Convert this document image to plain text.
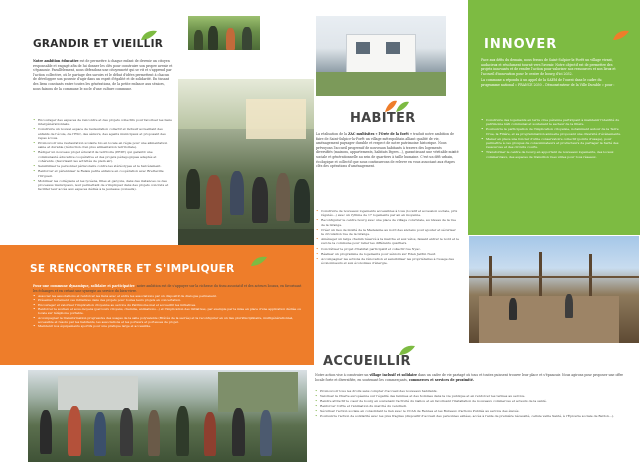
GRANDIR ET VIEILLIR
Notre ambition éducative est de permettre à chaque enfant de devenir un citoyen responsable et engagé afin de lui donner les clés pour construire son propre avenir et s'épanouir. Parallèlement, nous défendons une citoyenneté qui se vit et s'apprend par l'action collective, où le partage des savoirs et le débat d'idées permettent à chacun de développer son pouvoir d'agir dans un esprit d'égalité et de solidarité. En tissant des liens constants entre toutes les générations, de la petite enfance aux séniors, nous faisons de la commune le socle d'une culture commune.
• Encourager des espaces de rencontre et des projets collectifs pour favoriser les liens intergénérationnels.
• Construire un nouvel espace de restauration collectif et inclusif accueillant des enfants de l'école, de l'ESC, des séniors, des agents municipaux et proposant des repas à tous.
• Promouvoir une restauration scolaire bio en locale en régie pour une alimentation saine et durable (réduction d'en plus alimentation territoriale).
• Rédiger un nouveau projet éducatif de territoire (PEDT) qui garantit une communauté éducative coopérative et des projets pédagogiques adaptés et cohérents. (favorisant les activités de plein air).
• Sensibiliser le personnel périscolaire contre les stéréotypes et le harcèlement.
• Renforcer et pérenniser le Relais petite enfance en coopération avec Bretteville l'Orgueil.
• Mobiliser les collégiens et les lycéens, filles et garçons, dans des instances ou des processus municipaux, leur permettant de s'impliquer dans des projets concrets et faciliter leur accès aux espaces dédiés à la jeunesse (conseils).
SE RENCONTRER ET S'IMPLIQUER
Pour une commune dynamique, solidaire et participative, notre ambition est de s'appuyer sur la richesse du tissu associatif et des acteurs locaux, en favorisant les échanges et en créant une synergie au service du bien-vivre.
• Associer les associations et renforcer les liens avec et entre les associations par un dispositif de dialogue permanent.
• Présenter fortement ces initiatives dans des projets pour toutes leurs projets en concertation.
• Encourager et valoriser l'implication citoyenne au service du Patrimoine mal et accueillir les initiatives.
• Renforcer le soutien et sous-moyens (parcours citoyens, chemins, animations...) et l'implication des initiatives, par exemple par la mise en place d'une application dédiée ou locale sur téléphone portable.
• Accompagner la transformation progressive des usages de la salle polyvalente (Brévès de la sacrée) et la reconfigurer en un lieu pluridisciplinaire, multigénérationnel, accessible et résolu par les habitants, les associations et les porteurs et porteuses de projet.
• Maintenir nos équipements sportifs pour une pratique large et accessible.
HABITER
La réalisation de la ZAC multisites « l'Orée de la forêt » traduit notre ambition de faire de Saint-Sulpice-la-Forêt un village métropolitain alliant qualité de vie, aménagement paysager durable et respect de notre patrimoine historique. Nous prévoyons l'accueil progressif de nouveaux habitants à travers des logements diversifiés (maisons, appartements, habitats légers...), garantissant une véritable mixité sociale et générationnelle au sein de quartiers à taille humaine. C'est un défi urbain, écologique et collectif que nous continuerons de relever en vous associant aux étapes clés des opérations d'aménagement.
• Construire de nouveaux logements accessibles à tous (locatif et accession sociale, prix régulés...) avec un rythme de 17 logements par an en moyenne.
• Reconfigurer le centre bourg avec une place de village conviviale, au niveau de la rue de la Grange.
• Créer un lieu de mixité de la Madeleine au nord des anciens pour ajouter et sécuriser la circulation rue de la Grange.
• Aménager un large chemin réservé à la marche et aux vélos, faisant entrer le nord et le sud de la commune pour relier les différents quartiers.
• Concrétiser le projet d'habitat participatif et collectif rue Nyac.
• Réaliser un programme de logements pour séniors sur Eden Jardin Neuf.
• Accompagner les actions de rénovation et sensibiliser les propriétaires à l'usage des économiseurs et aux économies d'énergie.
INNOVER
Face aux défis du demain, nous ferons de Saint-Sulpice-la-Forêt un village vivant, audacieux et résolument tourné vers l'avenir. Notre objectif est de permettre des projets innovants et de rendre l'action pour valoriser nos ressources et nos lieux et l'accueil d'innovation pour le centre de bourg d'ici 2032.
La commune a répondu à un appel de la SAEM de l'ouest dans le cadre du programme national « FRANCE 2030 – Démonstrateur de la Ville Durable » pour :
• Construire des logements en terre crue pérenne participant à maintenir l'identité du patrimoine bâti communal et soutenant le secteur de la filière.
• Poursuivre la participation de l'implication citoyenne, notamment autour de la Terre Crue, la Filière, et sa programmation annuelle proposant une diversité d'événements.
• Mener en place une foncier d'utile conservatoire collectif (points d'usage), pour permettre à ces groupes de consommateurs et producteurs de partager la fierté des ressources et des circuits courts.
• Transformer le centre de bourg en apportant de nouveaux logements, des locaux commerciaux, des espaces de transition rues utiles pour tous réseaux.
ACCUEILLIR
Notre action vise à construire un village inclusif et solidaire dans un cadre de vie partagé où tous et toutes puissent trouver leur place et s'épanouir. Nous agirons pour proposer une offre locale forte et diversifiée, en soutenant les commerçants, commerces et services de proximité.
• Promouvoir tous les droits sans compter d'accueil des nouveaux habitants.
• Valoriser la Charte européenne sur l'égalité des femmes et des hommes dans la vie publique et en renforcer les termes au service.
• Rendre attractif le cœur de bourg en soutenant l'activité du Gallou et en favorisant l'installation de nouveaux commerces et acteurs de la santé.
• Renforcer l'offre et l'animation du marché du vendredi.
• Sécuriser l'action sociale en consolidant le lien avec le CCAS de Rennes et les Bureaux d'actions Publiés au service des élevés.
• Poursuivre l'action de solidarité avec les plus fragiles (dispositif d'accueil des personnes exilées, accès à l'aide de première nécessité, cellule veille Santé, à l'Épicerie sociale de Betton...).
